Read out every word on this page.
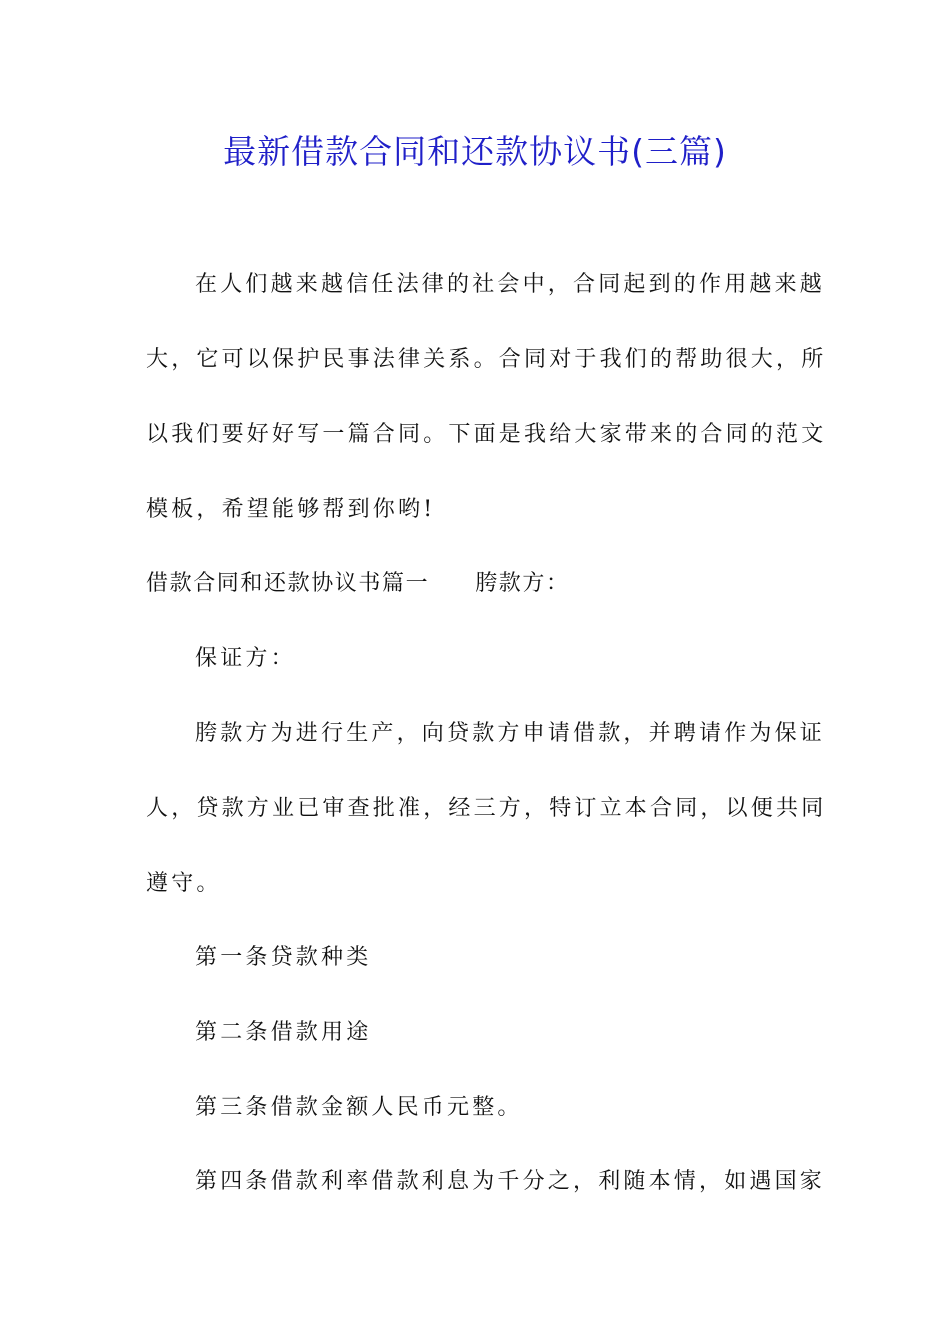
最新借款合同和还款协议书(三篇)
在人们越来越信任法律的社会中，合同起到的作用越来越
大，它可以保护民事法律关系。合同对于我们的帮助很大，所
以我们要好好写一篇合同。下面是我给大家带来的合同的范文
模板，希望能够帮到你哟!
借款合同和还款协议书篇一 胯款方：
保证方：
胯款方为进行生产，向贷款方申请借款，并聘请作为保证
人，贷款方业已审查批准，经三方，特订立本合同，以便共同
遵守。
第一条贷款种类
第二条借款用途
第三条借款金额人民币元整。
第四条借款利率借款利息为千分之，利随本情，如遇国家
